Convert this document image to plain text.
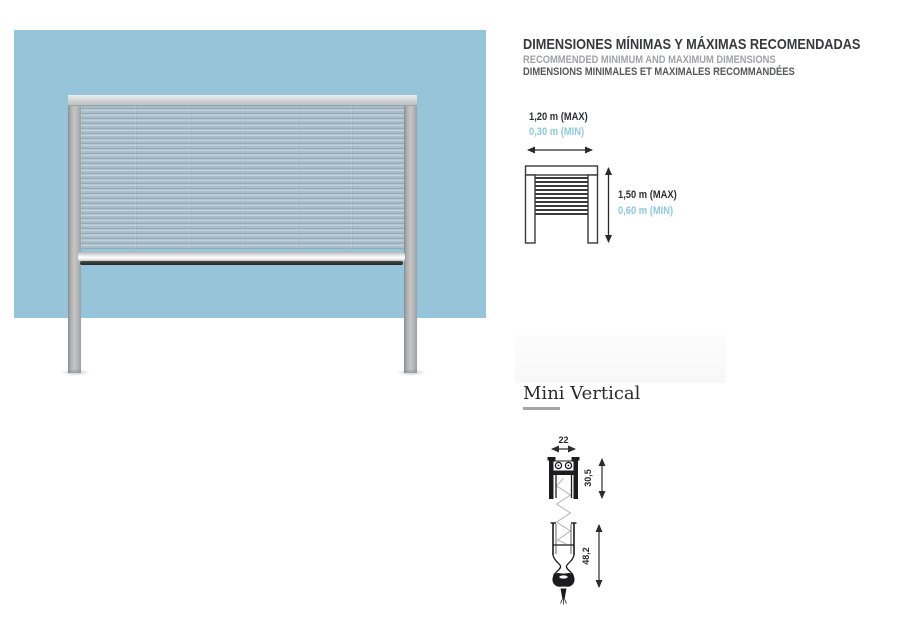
DIMENSIONES MÍNIMAS Y MÁXIMAS RECOMENDADAS
RECOMMENDED MINIMUM AND MAXIMUM DIMENSIONS
DIMENSIONS MINIMALES ET MAXIMALES RECOMMANDÉES
1,20 m (MAX)
0,30 m (MIN)
1,50 m (MAX)
0,60 m (MIN)
Mini Vertical
22
30,5
48,2
